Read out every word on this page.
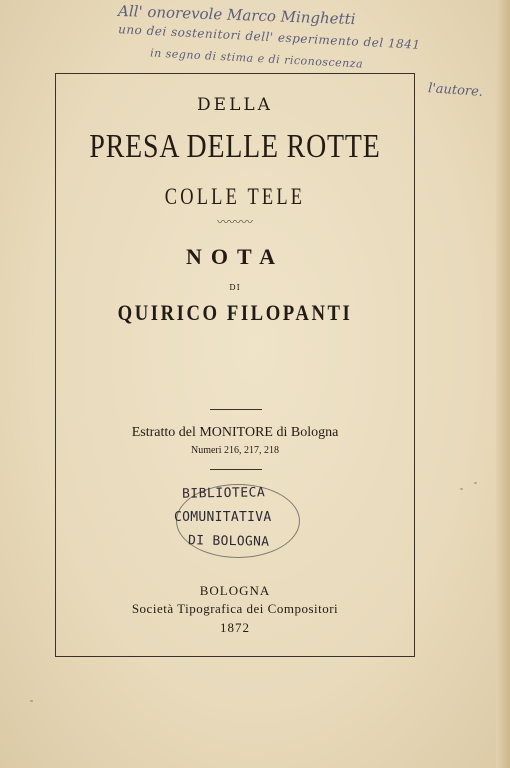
All' onorevole Marco Minghetti
uno dei sostenitori dell' esperimento del 1841
in segno di stima e di riconoscenza
l'autore.
DELLA
PRESA DELLE ROTTE
COLLE TELE
〰〰〰
NOTA
DI
QUIRICO FILOPANTI
Estratto del MONITORE di Bologna
Numeri 216, 217, 218
BIBLIOTECA
COMUNITATIVA
DI BOLOGNA
BOLOGNA
Società Tipografica dei Compositori
1872
